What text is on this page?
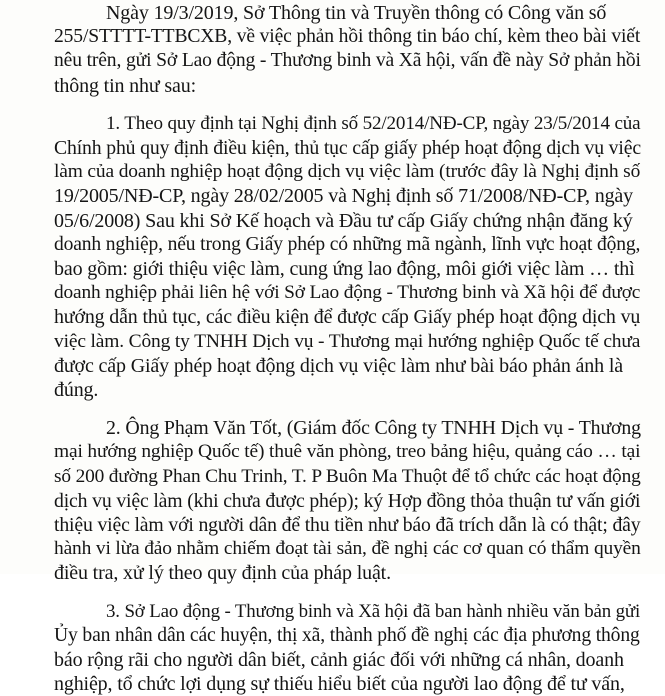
Ngày 19/3/2019, Sở Thông tin và Truyền thông có Công văn số
255/STTTT-TTBCXB, về việc phản hồi thông tin báo chí, kèm theo bài viết
nêu trên, gửi Sở Lao động - Thương binh và Xã hội, vấn đề này Sở phản hồi
thông tin như sau:
1. Theo quy định tại Nghị định số 52/2014/NĐ-CP, ngày 23/5/2014 của
Chính phủ quy định điều kiện, thủ tục cấp giấy phép hoạt động dịch vụ việc
làm của doanh nghiệp hoạt động dịch vụ việc làm (trước đây là Nghị định số
19/2005/NĐ-CP, ngày 28/02/2005 và Nghị định số 71/2008/NĐ-CP, ngày
05/6/2008) Sau khi Sở Kế hoạch và Đầu tư cấp Giấy chứng nhận đăng ký
doanh nghiệp, nếu trong Giấy phép có những mã ngành, lĩnh vực hoạt động,
bao gồm: giới thiệu việc làm, cung ứng lao động, môi giới việc làm … thì
doanh nghiệp phải liên hệ với Sở Lao động - Thương binh và Xã hội để được
hướng dẫn thủ tục, các điều kiện để được cấp Giấy phép hoạt động dịch vụ
việc làm. Công ty TNHH Dịch vụ - Thương mại hướng nghiệp Quốc tế chưa
được cấp Giấy phép hoạt động dịch vụ việc làm như bài báo phản ánh là
đúng.
2. Ông Phạm Văn Tốt, (Giám đốc Công ty TNHH Dịch vụ - Thương
mại hướng nghiệp Quốc tế) thuê văn phòng, treo bảng hiệu, quảng cáo … tại
số 200 đường Phan Chu Trinh, T. P Buôn Ma Thuột để tổ chức các hoạt động
dịch vụ việc làm (khi chưa được phép); ký Hợp đồng thỏa thuận tư vấn giới
thiệu việc làm với người dân để thu tiền như báo đã trích dẫn là có thật; đây
hành vi lừa đảo nhằm chiếm đoạt tài sản, đề nghị các cơ quan có thẩm quyền
điều tra, xử lý theo quy định của pháp luật.
3. Sở Lao động - Thương binh và Xã hội đã ban hành nhiều văn bản gửi
Ủy ban nhân dân các huyện, thị xã, thành phố đề nghị các địa phương thông
báo rộng rãi cho người dân biết, cảnh giác đối với những cá nhân, doanh
nghiệp, tổ chức lợi dụng sự thiếu hiểu biết của người lao động để tư vấn,
